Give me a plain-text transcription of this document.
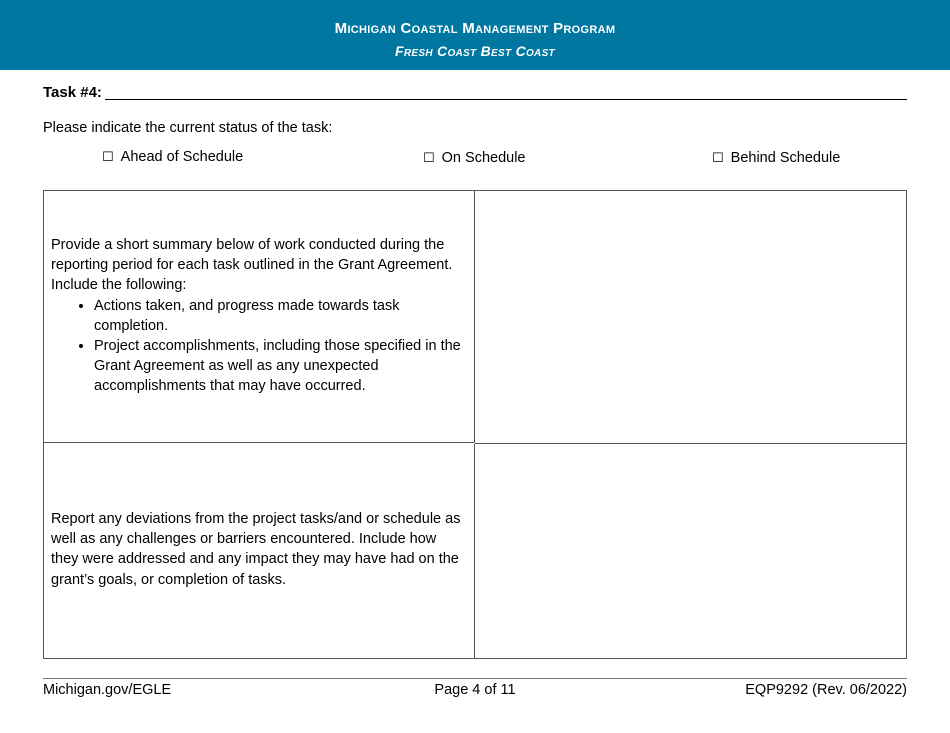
Michigan Coastal Management Program
Fresh Coast Best Coast
Task #4:
Please indicate the current status of the task:
☐ Ahead of Schedule	☐ On Schedule	☐ Behind Schedule
Provide a short summary below of work conducted during the reporting period for each task outlined in the Grant Agreement. Include the following:
• Actions taken, and progress made towards task completion.
• Project accomplishments, including those specified in the Grant Agreement as well as any unexpected accomplishments that may have occurred.
Report any deviations from the project tasks/and or schedule as well as any challenges or barriers encountered. Include how they were addressed and any impact they may have had on the grant’s goals, or completion of tasks.
Michigan.gov/EGLE	Page 4 of 11	EQP9292 (Rev. 06/2022)
